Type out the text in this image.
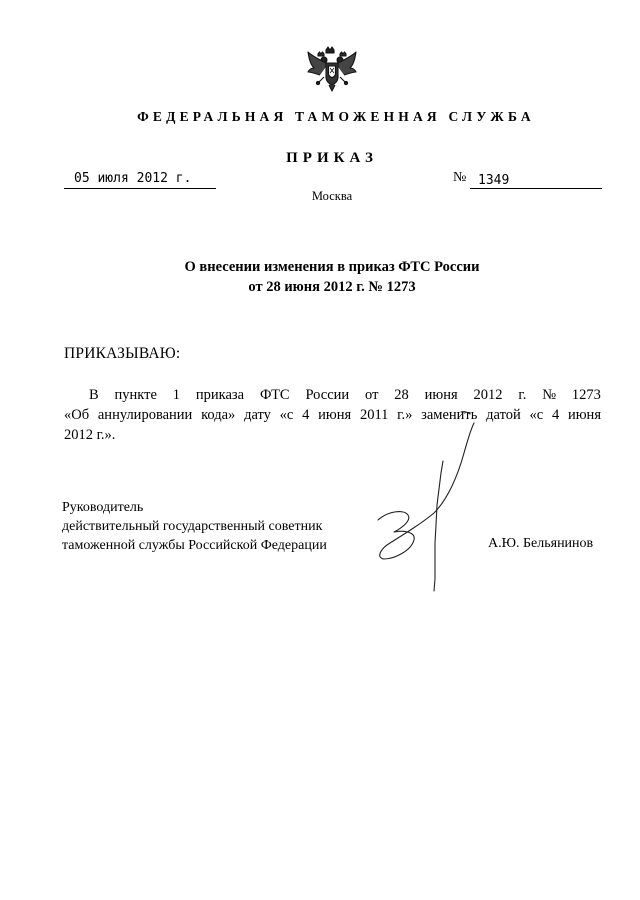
ФЕДЕРАЛЬНАЯ ТАМОЖЕННАЯ СЛУЖБА
ПРИКАЗ
05 июля 2012 г.	№ 1349
Москва
О внесении изменения в приказ ФТС России
от 28 июня 2012 г. № 1273
ПРИКАЗЫВАЮ:
В пункте 1 приказа ФТС России от 28 июня 2012 г. № 1273
«Об аннулировании кода» дату «с 4 июня 2011 г.» заменить датой «с 4 июня
2012 г.».
Руководитель
действительный государственный советник
таможенной службы Российской Федерации	А.Ю. Бельянинов
